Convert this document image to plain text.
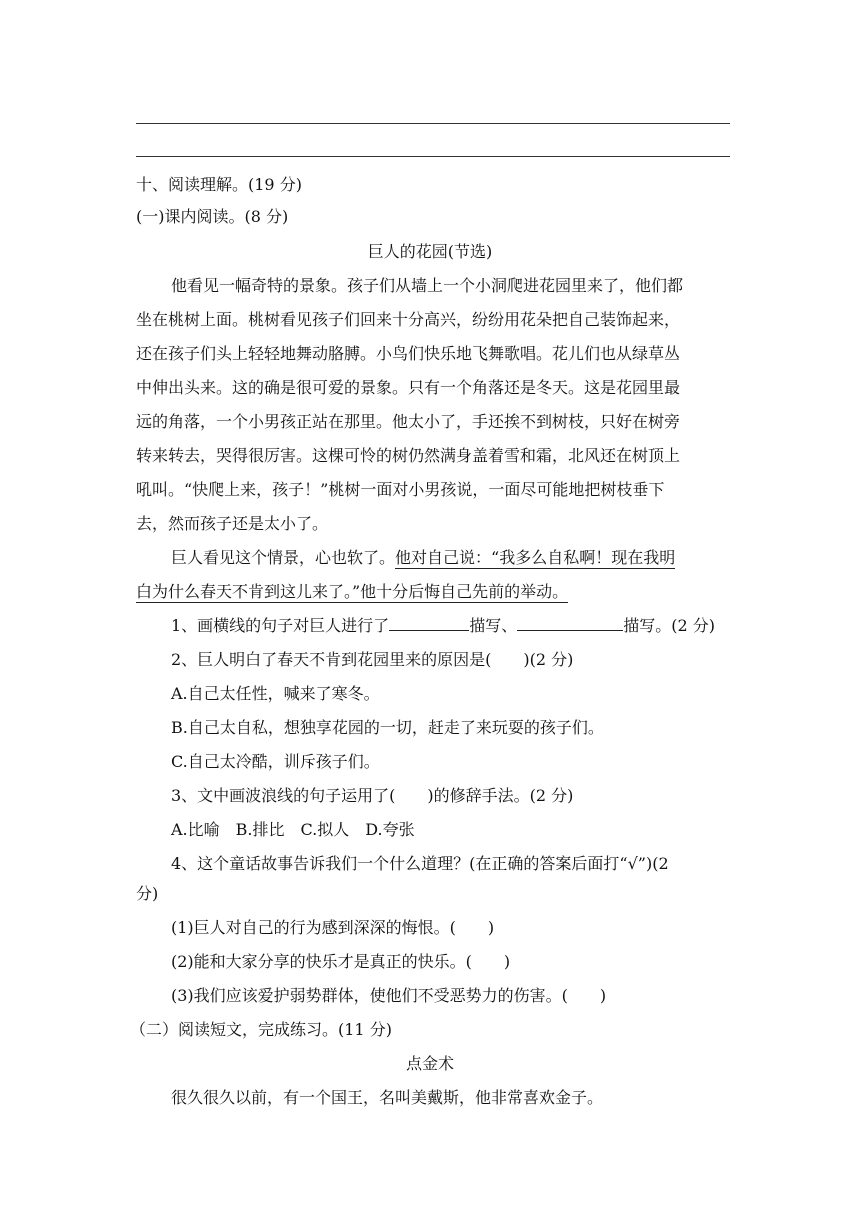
十、阅读理解。(19 分)
(一)课内阅读。(8 分)
巨人的花园(节选)
他看见一幅奇特的景象。孩子们从墙上一个小洞爬进花园里来了，他们都
坐在桃树上面。桃树看见孩子们回来十分高兴，纷纷用花朵把自己装饰起来，
还在孩子们头上轻轻地舞动胳膊。小鸟们快乐地飞舞歌唱。花儿们也从绿草丛
中伸出头来。这的确是很可爱的景象。只有一个角落还是冬天。这是花园里最
远的角落，一个小男孩正站在那里。他太小了，手还挨不到树枝，只好在树旁
转来转去，哭得很厉害。这棵可怜的树仍然满身盖着雪和霜，北风还在树顶上
吼叫。“快爬上来，孩子！”桃树一面对小男孩说，一面尽可能地把树枝垂下
去，然而孩子还是太小了。
巨人看见这个情景，心也软了。他对自己说：“我多么自私啊！现在我明
白为什么春天不肯到这儿来了。”他十分后悔自己先前的举动。
1、画横线的句子对巨人进行了	描写、	描写。(2 分)
2、巨人明白了春天不肯到花园里来的原因是(　　)(2 分)
A.自己太任性，喊来了寒冬。
B.自己太自私，想独享花园的一切，赶走了来玩耍的孩子们。
C.自己太冷酷，训斥孩子们。
3、文中画波浪线的句子运用了(　　)的修辞手法。(2 分)
A.比喻　B.排比　C.拟人　D.夸张
4、这个童话故事告诉我们一个什么道理？(在正确的答案后面打“√”)(2
分)
(1)巨人对自己的行为感到深深的悔恨。(　　)
(2)能和大家分享的快乐才是真正的快乐。(　　)
(3)我们应该爱护弱势群体，使他们不受恶势力的伤害。(　　)
（二）阅读短文，完成练习。(11 分)
点金术
很久很久以前，有一个国王，名叫美戴斯，他非常喜欢金子。
